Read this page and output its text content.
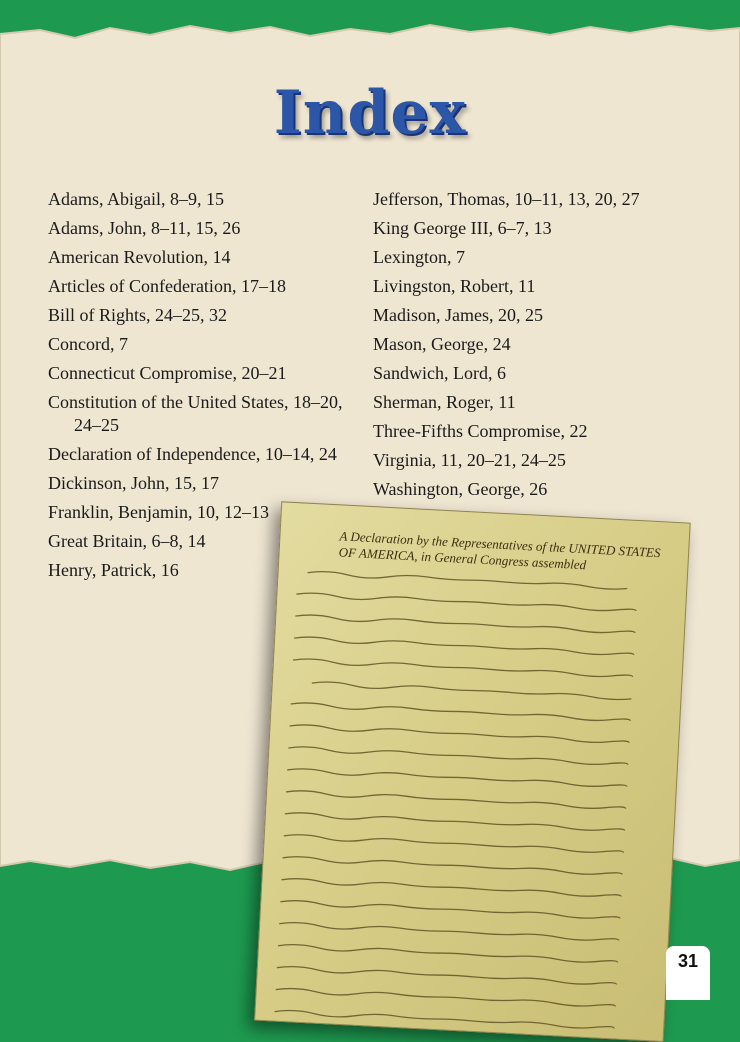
Index
Adams, Abigail, 8–9, 15
Adams, John, 8–11, 15, 26
American Revolution, 14
Articles of Confederation, 17–18
Bill of Rights, 24–25, 32
Concord, 7
Connecticut Compromise, 20–21
Constitution of the United States, 18–20, 24–25
Declaration of Independence, 10–14, 24
Dickinson, John, 15, 17
Franklin, Benjamin, 10, 12–13
Great Britain, 6–8, 14
Henry, Patrick, 16
Jefferson, Thomas, 10–11, 13, 20, 27
King George III, 6–7, 13
Lexington, 7
Livingston, Robert, 11
Madison, James, 20, 25
Mason, George, 24
Sandwich, Lord, 6
Sherman, Roger, 11
Three-Fifths Compromise, 22
Virginia, 11, 20–21, 24–25
Washington, George, 26

A Declaration by the Representatives of the UNITED STATES OF AMERICA, in General Congress assembled

31
